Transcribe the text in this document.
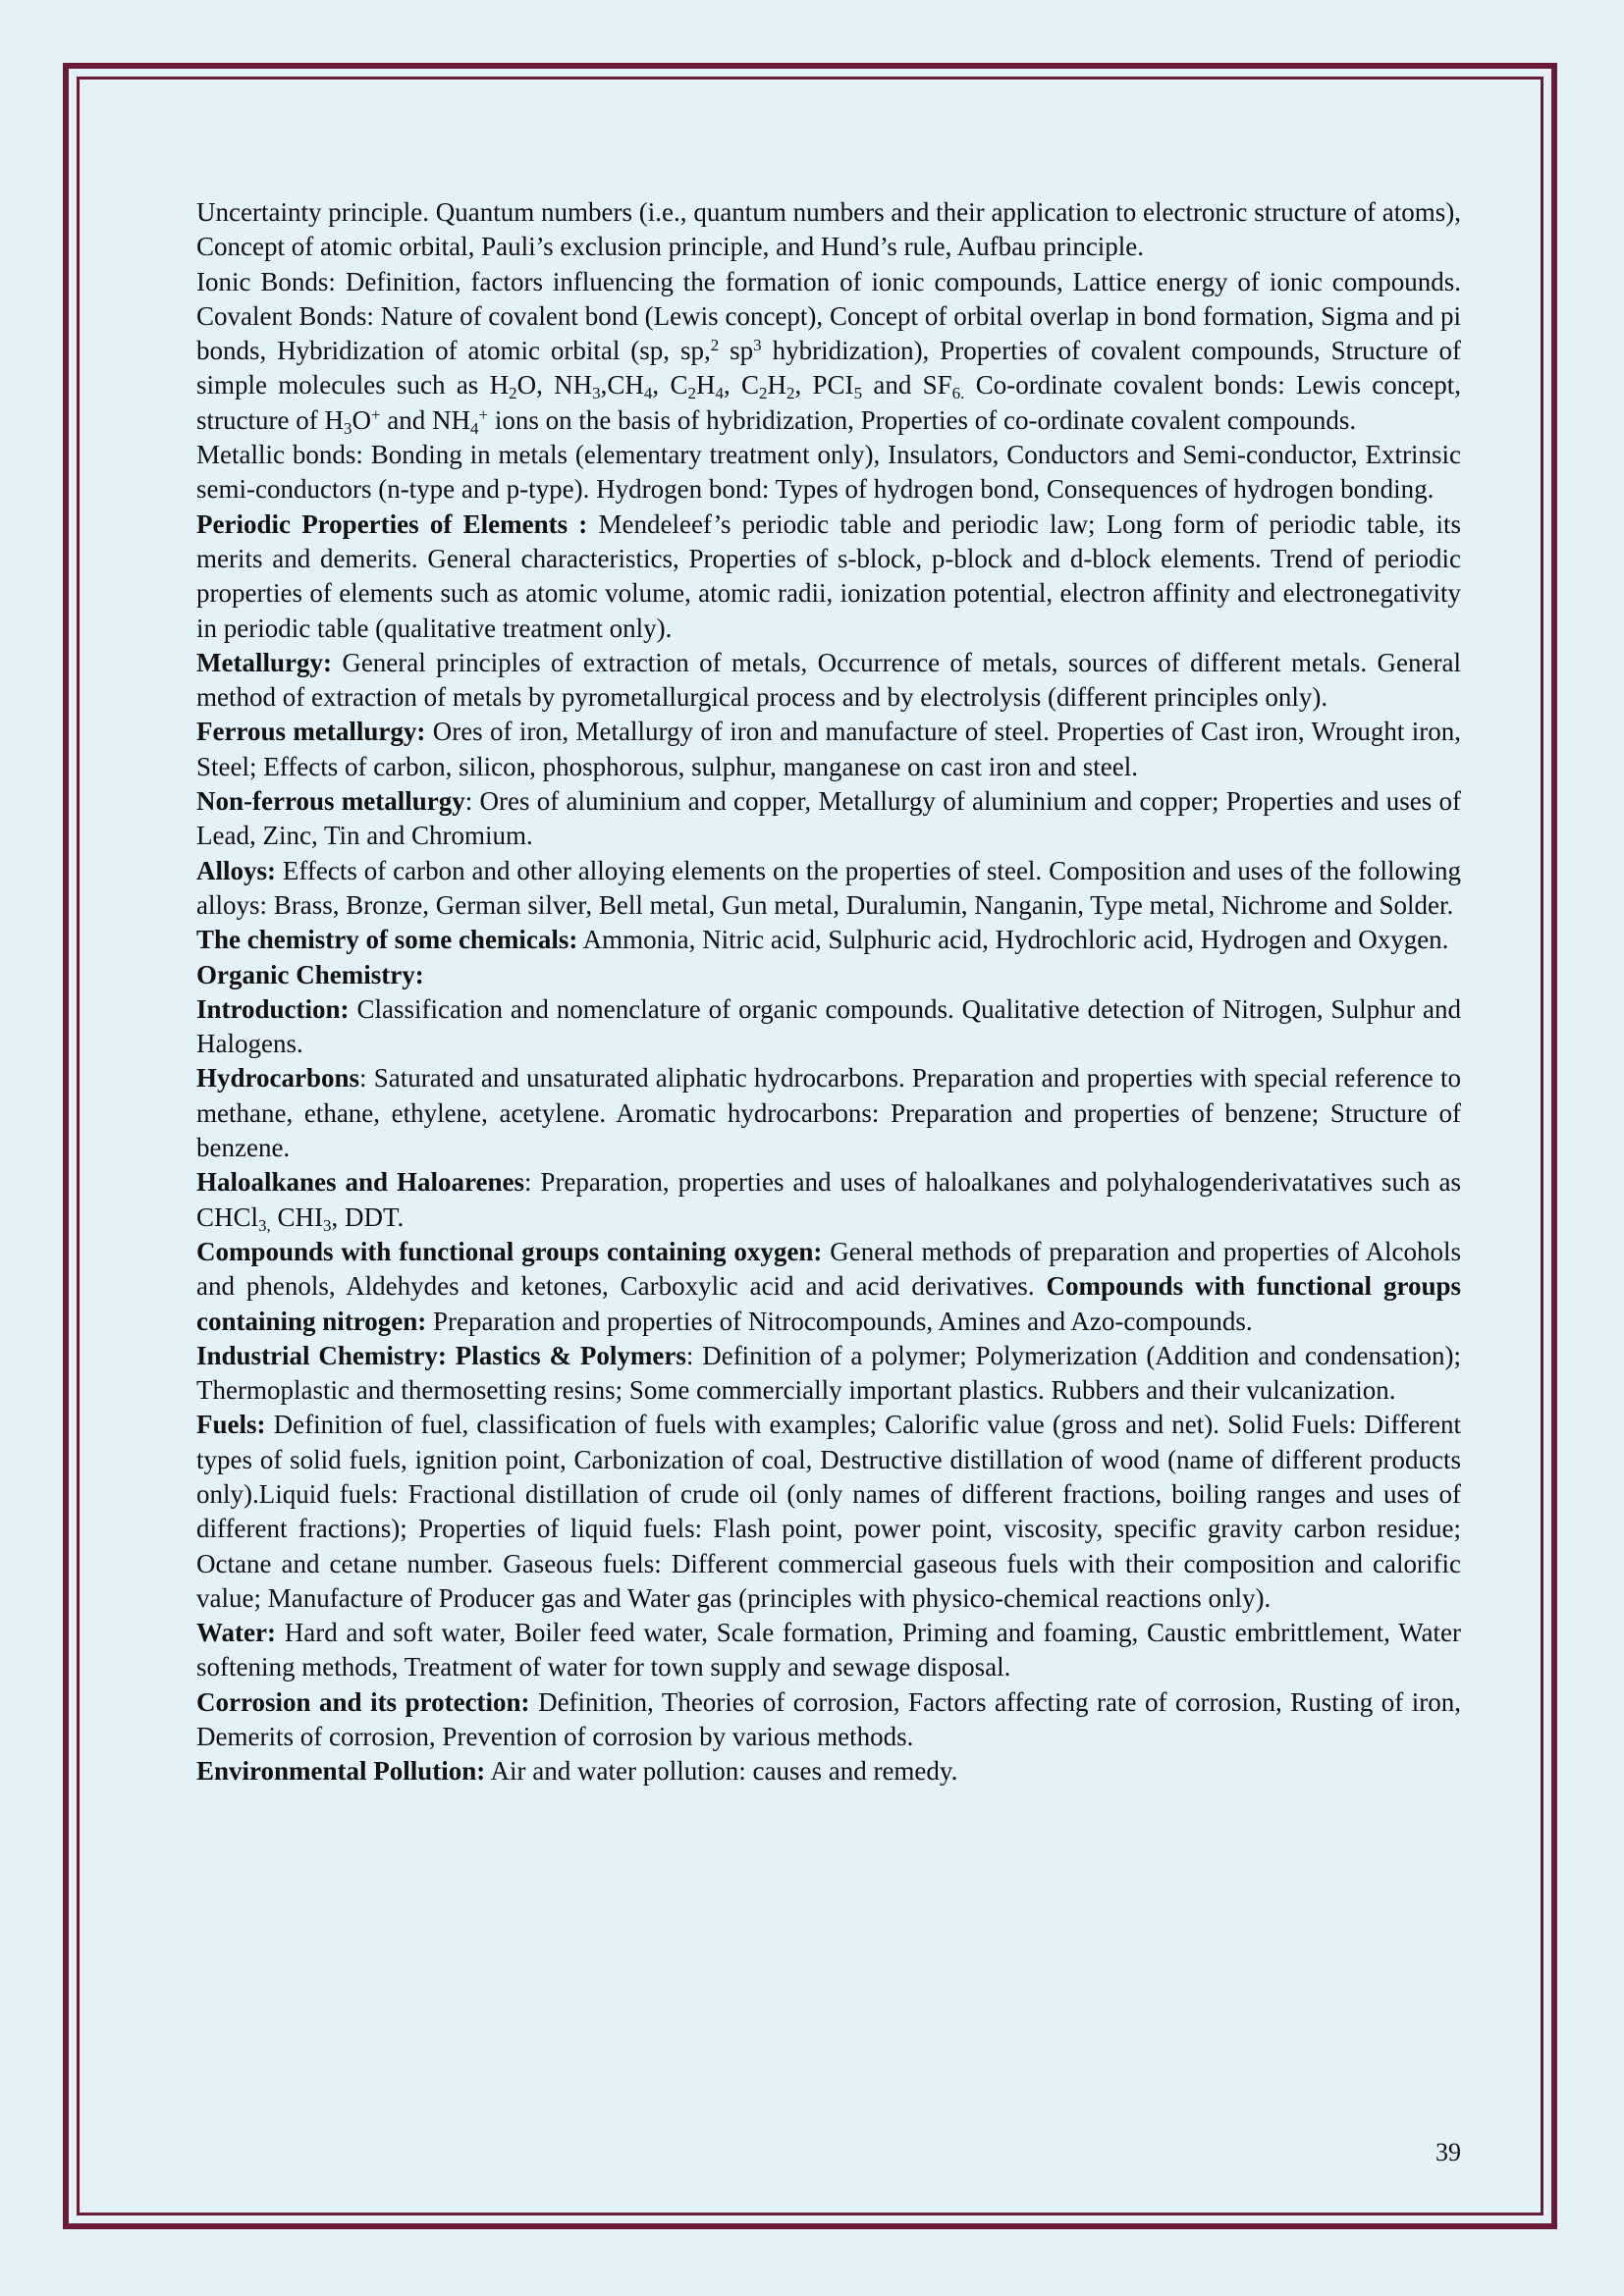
Uncertainty principle. Quantum numbers (i.e., quantum numbers and their application to electronic structure of atoms), Concept of atomic orbital, Pauli’s exclusion principle, and Hund’s rule, Aufbau principle.

Ionic Bonds: Definition, factors influencing the formation of ionic compounds, Lattice energy of ionic compounds. Covalent Bonds: Nature of covalent bond (Lewis concept), Concept of orbital overlap in bond formation, Sigma and pi bonds, Hybridization of atomic orbital (sp, sp,$^2$ $sp^3$ hybridization), Properties of covalent compounds, Structure of simple molecules such as $H_2O$, $NH_3,CH_4$, $C_2H_4$, $C_2H_2$, $PCI_5$ and $SF_{6.}$ Co-ordinate covalent bonds: Lewis concept, structure of $H_3O^+$ and $NH_4^+$ ions on the basis of hybridization, Properties of co-ordinate covalent compounds.

Metallic bonds: Bonding in metals (elementary treatment only), Insulators, Conductors and Semi-conductor, Extrinsic semi-conductors (n-type and p-type). Hydrogen bond: Types of hydrogen bond, Consequences of hydrogen bonding.

Periodic Properties of Elements : Mendeleef’s periodic table and periodic law; Long form of periodic table, its merits and demerits. General characteristics, Properties of s-block, p-block and d-block elements. Trend of periodic properties of elements such as atomic volume, atomic radii, ionization potential, electron affinity and electronegativity in periodic table (qualitative treatment only).

Metallurgy: General principles of extraction of metals, Occurrence of metals, sources of different metals. General method of extraction of metals by pyrometallurgical process and by electrolysis (different principles only).

Ferrous metallurgy: Ores of iron, Metallurgy of iron and manufacture of steel. Properties of Cast iron, Wrought iron, Steel; Effects of carbon, silicon, phosphorous, sulphur, manganese on cast iron and steel.

Non-ferrous metallurgy: Ores of aluminium and copper, Metallurgy of aluminium and copper; Properties and uses of Lead, Zinc, Tin and Chromium.

Alloys: Effects of carbon and other alloying elements on the properties of steel. Composition and uses of the following alloys: Brass, Bronze, German silver, Bell metal, Gun metal, Duralumin, Nanganin, Type metal, Nichrome and Solder.

The chemistry of some chemicals: Ammonia, Nitric acid, Sulphuric acid, Hydrochloric acid, Hydrogen and Oxygen.

Organic Chemistry:

Introduction: Classification and nomenclature of organic compounds. Qualitative detection of Nitrogen, Sulphur and Halogens.

Hydrocarbons: Saturated and unsaturated aliphatic hydrocarbons. Preparation and properties with special reference to methane, ethane, ethylene, acetylene. Aromatic hydrocarbons: Preparation and properties of benzene; Structure of benzene.

Haloalkanes and Haloarenes: Preparation, properties and uses of haloalkanes and polyhalogenderivatatives such as CHCl$_{3,}$ $CHI_3$, DDT.

Compounds with functional groups containing oxygen: General methods of preparation and properties of Alcohols and phenols, Aldehydes and ketones, Carboxylic acid and acid derivatives. Compounds with functional groups containing nitrogen: Preparation and properties of Nitrocompounds, Amines and Azo-compounds.

Industrial Chemistry: Plastics & Polymers: Definition of a polymer; Polymerization (Addition and condensation); Thermoplastic and thermosetting resins; Some commercially important plastics. Rubbers and their vulcanization.

Fuels: Definition of fuel, classification of fuels with examples; Calorific value (gross and net). Solid Fuels: Different types of solid fuels, ignition point, Carbonization of coal, Destructive distillation of wood (name of different products only).Liquid fuels: Fractional distillation of crude oil (only names of different fractions, boiling ranges and uses of different fractions); Properties of liquid fuels: Flash point, power point, viscosity, specific gravity carbon residue; Octane and cetane number. Gaseous fuels: Different commercial gaseous fuels with their composition and calorific value; Manufacture of Producer gas and Water gas (principles with physico-chemical reactions only).

Water: Hard and soft water, Boiler feed water, Scale formation, Priming and foaming, Caustic embrittlement, Water softening methods, Treatment of water for town supply and sewage disposal.

Corrosion and its protection: Definition, Theories of corrosion, Factors affecting rate of corrosion, Rusting of iron, Demerits of corrosion, Prevention of corrosion by various methods.

Environmental Pollution: Air and water pollution: causes and remedy.

39
